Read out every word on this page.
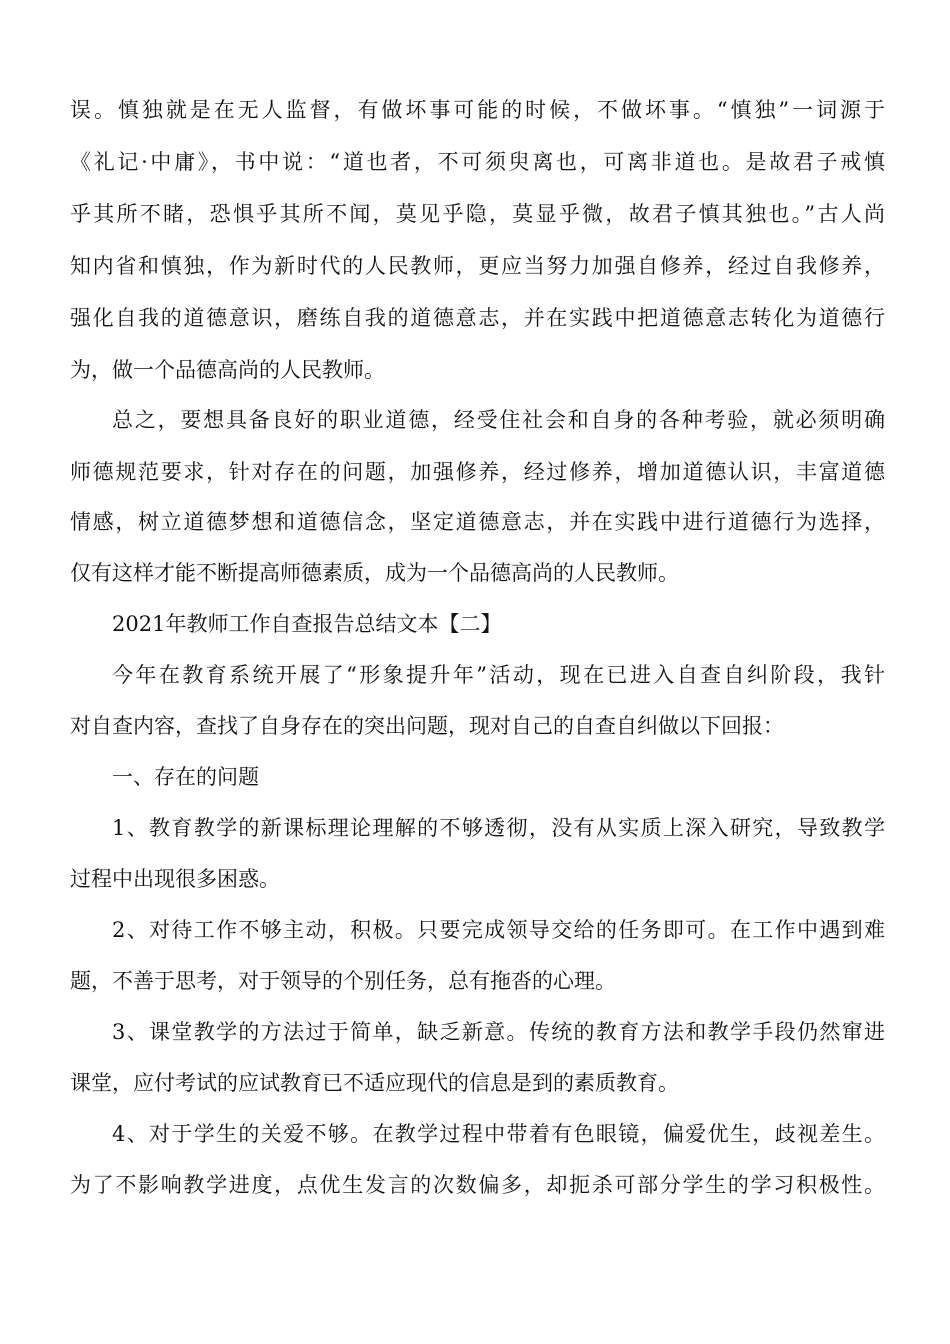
误。慎独就是在无人监督，有做坏事可能的时候，不做坏事。“慎独”一词源于
《礼记·中庸》，书中说：“道也者，不可须臾离也，可离非道也。是故君子戒慎
乎其所不睹，恐惧乎其所不闻，莫见乎隐，莫显乎微，故君子慎其独也。”古人尚
知内省和慎独，作为新时代的人民教师，更应当努力加强自修养，经过自我修养，
强化自我的道德意识，磨练自我的道德意志，并在实践中把道德意志转化为道德行
为，做一个品德高尚的人民教师。
总之，要想具备良好的职业道德，经受住社会和自身的各种考验，就必须明确
师德规范要求，针对存在的问题，加强修养，经过修养，增加道德认识，丰富道德
情感，树立道德梦想和道德信念，坚定道德意志，并在实践中进行道德行为选择，
仅有这样才能不断提高师德素质，成为一个品德高尚的人民教师。
2021年教师工作自查报告总结文本【二】
今年在教育系统开展了“形象提升年”活动，现在已进入自查自纠阶段，我针
对自查内容，查找了自身存在的突出问题，现对自己的自查自纠做以下回报：
一、存在的问题
1、教育教学的新课标理论理解的不够透彻，没有从实质上深入研究，导致教学
过程中出现很多困惑。
2、对待工作不够主动，积极。只要完成领导交给的任务即可。在工作中遇到难
题，不善于思考，对于领导的个别任务，总有拖沓的心理。
3、课堂教学的方法过于简单，缺乏新意。传统的教育方法和教学手段仍然窜进
课堂，应付考试的应试教育已不适应现代的信息是到的素质教育。
4、对于学生的关爱不够。在教学过程中带着有色眼镜，偏爱优生，歧视差生。
为了不影响教学进度，点优生发言的次数偏多，却扼杀可部分学生的学习积极性。
